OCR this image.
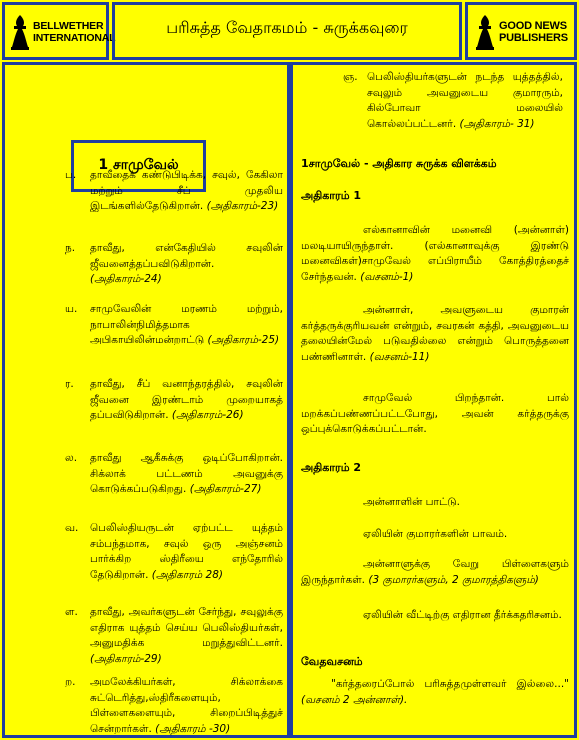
BELLWETHER
INTERNATIONAL
பரிசுத்த வேதாகமம் - சுருக்கவுரை	GOOD NEWS
PUBLISHERS
1 சாமுவேல்
ப. தாவீதைக் கண்டுபிடிக்க, சவுல், கேகிலா மற்றும் சீப் முதலிய இடங்களில்தேடுகிறான். (அதிகாரம்-23)
ந. தாவீது, என்கேதியில் சவுலின் ஜீவனைத்தப்பவிடுகிறான். (அதிகாரம்-24)
ய. சாமுவேலின் மரணம் மற்றும், நாபாலின்நிமித்தமாக அபிகாயிலின்மன்றாட்டு (அதிகாரம்-25)
ர. தாவீது, சீப் வனாந்தரத்தில், சவுலின் ஜீவனை இரண்டாம் முறையாகத் தப்பவிடுகிறான். (அதிகாரம்-26)
ல. தாவீது ஆகீசுக்கு ஒடிப்போகிறான். சிக்லாக் பட்டணம் அவனுக்கு கொடுக்கப்படுகிறது. (அதிகாரம்-27)
வ. பெலிஸ்தியருடன் ஏற்பட்ட யுத்தம் சம்பந்தமாக, சவுல் ஒரு அஞ்சனம் பார்க்கிற ஸ்திரீயை எந்தோரில் தேடுகிறான். (அதிகாரம் 28)
ள. தாவீது, அவர்களுடன் சேர்ந்து, சவுலுக்கு எதிராக யுத்தம் செய்ய பெலிஸ்தியர்கள், அனுமதிக்க மறுத்துவிட்டனர். (அதிகாரம்-29)
ற. அமலேக்கியர்கள், சிக்லாக்கை சுட்டெரித்து,ஸ்திரீகளையும், பிள்ளைகளையும், சிறைப்பிடித்துச் சென்றார்கள். (அதிகாரம் -30)
ஞ. பெலிஸ்தியர்களுடன் நடந்த யுத்தத்தில், சவுலும் அவனுடைய குமாரரும், கில்போவா மலையில் கொல்லப்பட்டனர். (அதிகாரம்- 31)
1சாமுவேல் - அதிகார சுருக்க விளக்கம்
அதிகாரம் 1
எல்கானாவின் மனைவி (அன்னாள்) மலடியாயிருந்தாள். (எல்கானாவுக்கு இரண்டு மனைவிகள்)சாமுவேல் எப்பிராயீம் கோத்திரத்தைச் சேர்ந்தவன். (வசனம்-1)
அன்னாள், அவளுடைய குமாரன் கர்த்தருக்குரியவன் என்றும், சவரகன் கத்தி, அவனுடைய தலையின்மேல் படுவதில்லை என்றும் பொருத்தனை பண்ணினாள். (வசனம்-11)
சாமுவேல் பிறந்தான். பால் மறக்கப்பண்ணப்பட்டபோது, அவன் கர்த்தருக்கு ஒப்புக்கொடுக்கப்பட்டான்.
அதிகாரம் 2
அன்னாளின் பாட்டு.
ஏலியின் குமாரர்களின் பாவம்.
அன்னாளுக்கு வேறு பிள்ளைகளும் இருந்தார்கள். (3 குமாரர்களும், 2 குமாரத்திகளும்)
ஏலியின் வீட்டிற்கு எதிரான தீர்க்கதரிசனம்.
வேதவசனம்
"கர்த்தரைப்போல் பரிசுத்தமுள்ளவர் இல்லை..." (வசனம் 2 அன்னாள்).
